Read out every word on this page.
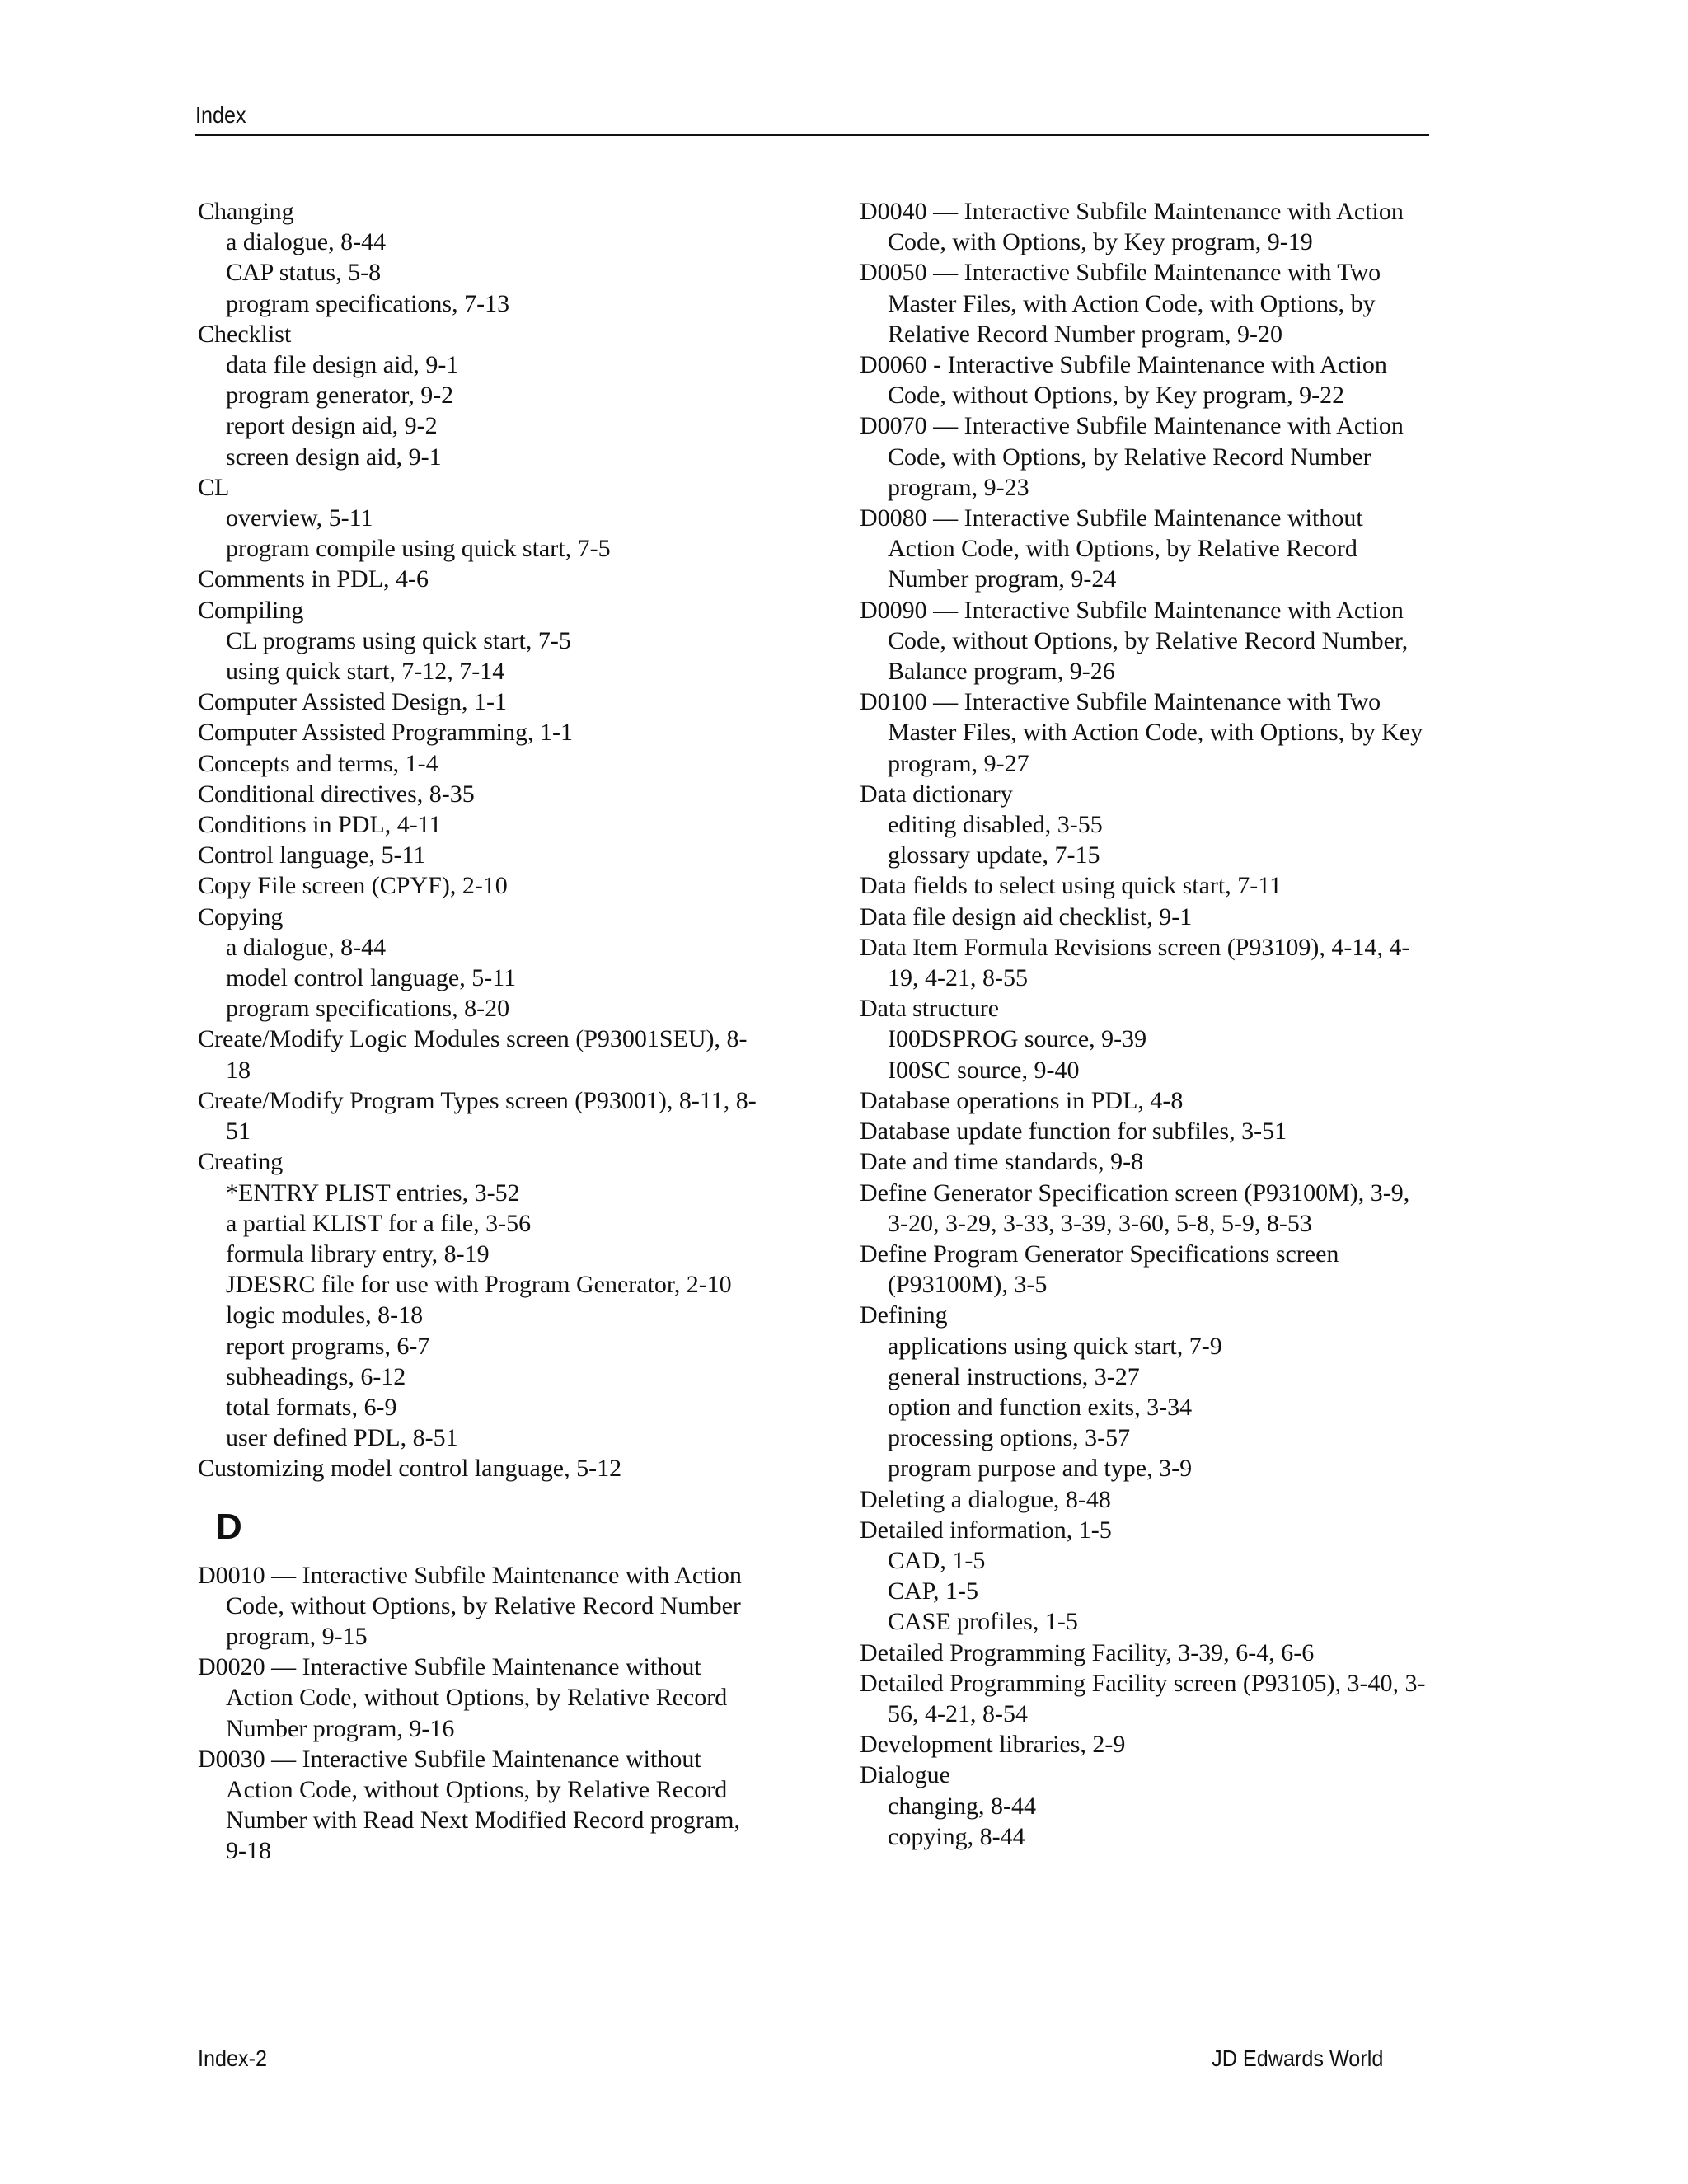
Index
Changing
a dialogue, 8-44
CAP status, 5-8
program specifications, 7-13
Checklist
data file design aid, 9-1
program generator, 9-2
report design aid, 9-2
screen design aid, 9-1
CL
overview, 5-11
program compile using quick start, 7-5
Comments in PDL, 4-6
Compiling
CL programs using quick start, 7-5
using quick start, 7-12, 7-14
Computer Assisted Design, 1-1
Computer Assisted Programming, 1-1
Concepts and terms, 1-4
Conditional directives, 8-35
Conditions in PDL, 4-11
Control language, 5-11
Copy File screen (CPYF), 2-10
Copying
a dialogue, 8-44
model control language, 5-11
program specifications, 8-20
Create/Modify Logic Modules screen (P93001SEU), 8-18
Create/Modify Program Types screen (P93001), 8-11, 8-51
Creating
*ENTRY PLIST entries, 3-52
a partial KLIST for a file, 3-56
formula library entry, 8-19
JDESRC file for use with Program Generator, 2-10
logic modules, 8-18
report programs, 6-7
subheadings, 6-12
total formats, 6-9
user defined PDL, 8-51
Customizing model control language, 5-12
D
D0010 — Interactive Subfile Maintenance with Action Code, without Options, by Relative Record Number program, 9-15
D0020 — Interactive Subfile Maintenance without Action Code, without Options, by Relative Record Number program, 9-16
D0030 — Interactive Subfile Maintenance without Action Code, without Options, by Relative Record Number with Read Next Modified Record program, 9-18
D0040 — Interactive Subfile Maintenance with Action Code, with Options, by Key program, 9-19
D0050 — Interactive Subfile Maintenance with Two Master Files, with Action Code, with Options, by Relative Record Number program, 9-20
D0060 - Interactive Subfile Maintenance with Action Code, without Options, by Key program, 9-22
D0070 — Interactive Subfile Maintenance with Action Code, with Options, by Relative Record Number program, 9-23
D0080 — Interactive Subfile Maintenance without Action Code, with Options, by Relative Record Number program, 9-24
D0090 — Interactive Subfile Maintenance with Action Code, without Options, by Relative Record Number, Balance program, 9-26
D0100 — Interactive Subfile Maintenance with Two Master Files, with Action Code, with Options, by Key program, 9-27
Data dictionary
editing disabled, 3-55
glossary update, 7-15
Data fields to select using quick start, 7-11
Data file design aid checklist, 9-1
Data Item Formula Revisions screen (P93109), 4-14, 4-19, 4-21, 8-55
Data structure
I00DSPROG source, 9-39
I00SC source, 9-40
Database operations in PDL, 4-8
Database update function for subfiles, 3-51
Date and time standards, 9-8
Define Generator Specification screen (P93100M), 3-9, 3-20, 3-29, 3-33, 3-39, 3-60, 5-8, 5-9, 8-53
Define Program Generator Specifications screen (P93100M), 3-5
Defining
applications using quick start, 7-9
general instructions, 3-27
option and function exits, 3-34
processing options, 3-57
program purpose and type, 3-9
Deleting a dialogue, 8-48
Detailed information, 1-5
CAD, 1-5
CAP, 1-5
CASE profiles, 1-5
Detailed Programming Facility, 3-39, 6-4, 6-6
Detailed Programming Facility screen (P93105), 3-40, 3-56, 4-21, 8-54
Development libraries, 2-9
Dialogue
changing, 8-44
copying, 8-44
Index-2	JD Edwards World
